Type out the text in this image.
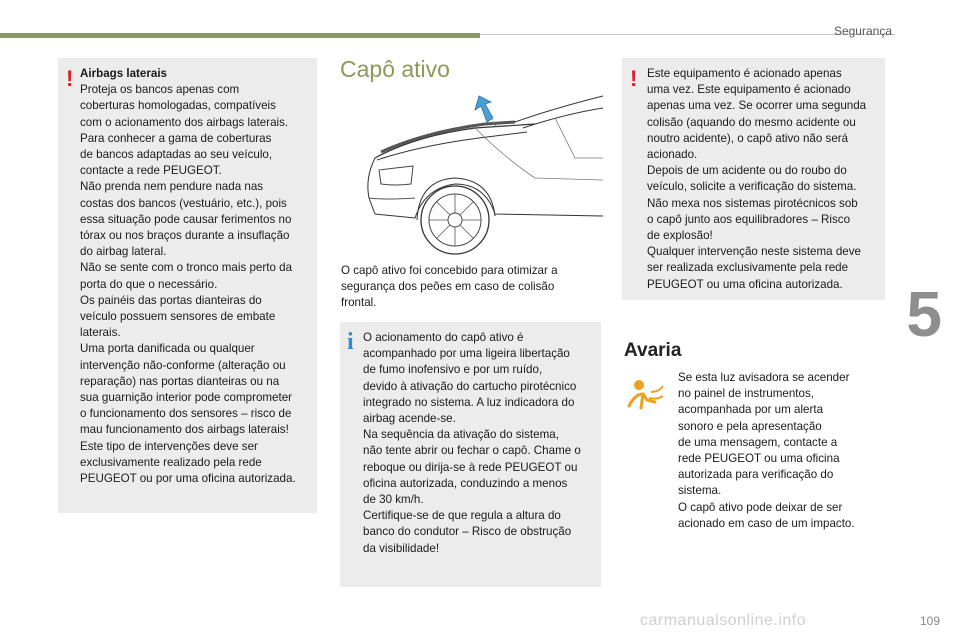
Segurança
5
! Airbags laterais
Proteja os bancos apenas com
coberturas homologadas, compatíveis
com o acionamento dos airbags laterais.
Para conhecer a gama de coberturas
de bancos adaptadas ao seu veículo,
contacte a rede PEUGEOT.
Não prenda nem pendure nada nas
costas dos bancos (vestuário, etc.), pois
essa situação pode causar ferimentos no
tórax ou nos braços durante a insuflação
do airbag lateral.
Não se sente com o tronco mais perto da
porta do que o necessário.
Os painéis das portas dianteiras do
veículo possuem sensores de embate
laterais.
Uma porta danificada ou qualquer
intervenção não-conforme (alteração ou
reparação) nas portas dianteiras ou na
sua guarnição interior pode comprometer
o funcionamento dos sensores – risco de
mau funcionamento dos airbags laterais!
Este tipo de intervenções deve ser
exclusivamente realizado pela rede
PEUGEOT ou por uma oficina autorizada.
Capô ativo
O capô ativo foi concebido para otimizar a
segurança dos peões em caso de colisão
frontal.
i O acionamento do capô ativo é
acompanhado por uma ligeira libertação
de fumo inofensivo e por um ruído,
devido à ativação do cartucho pirotécnico
integrado no sistema. A luz indicadora do
airbag acende-se.
Na sequência da ativação do sistema,
não tente abrir ou fechar o capô. Chame o
reboque ou dirija-se à rede PEUGEOT ou
oficina autorizada, conduzindo a menos
de 30 km/h.
Certifique-se de que regula a altura do
banco do condutor – Risco de obstrução
da visibilidade!
! Este equipamento é acionado apenas
uma vez. Este equipamento é acionado
apenas uma vez. Se ocorrer uma segunda
colisão (aquando do mesmo acidente ou
noutro acidente), o capô ativo não será
acionado.
Depois de um acidente ou do roubo do
veículo, solicite a verificação do sistema.
Não mexa nos sistemas pirotécnicos sob
o capô junto aos equilibradores – Risco
de explosão!
Qualquer intervenção neste sistema deve
ser realizada exclusivamente pela rede
PEUGEOT ou uma oficina autorizada.
Avaria
Se esta luz avisadora se acender
no painel de instrumentos,
acompanhada por um alerta
sonoro e pela apresentação
de uma mensagem, contacte a
rede PEUGEOT ou uma oficina
autorizada para verificação do
sistema.
O capô ativo pode deixar de ser
acionado em caso de um impacto.
carmanualsonline.info	109
